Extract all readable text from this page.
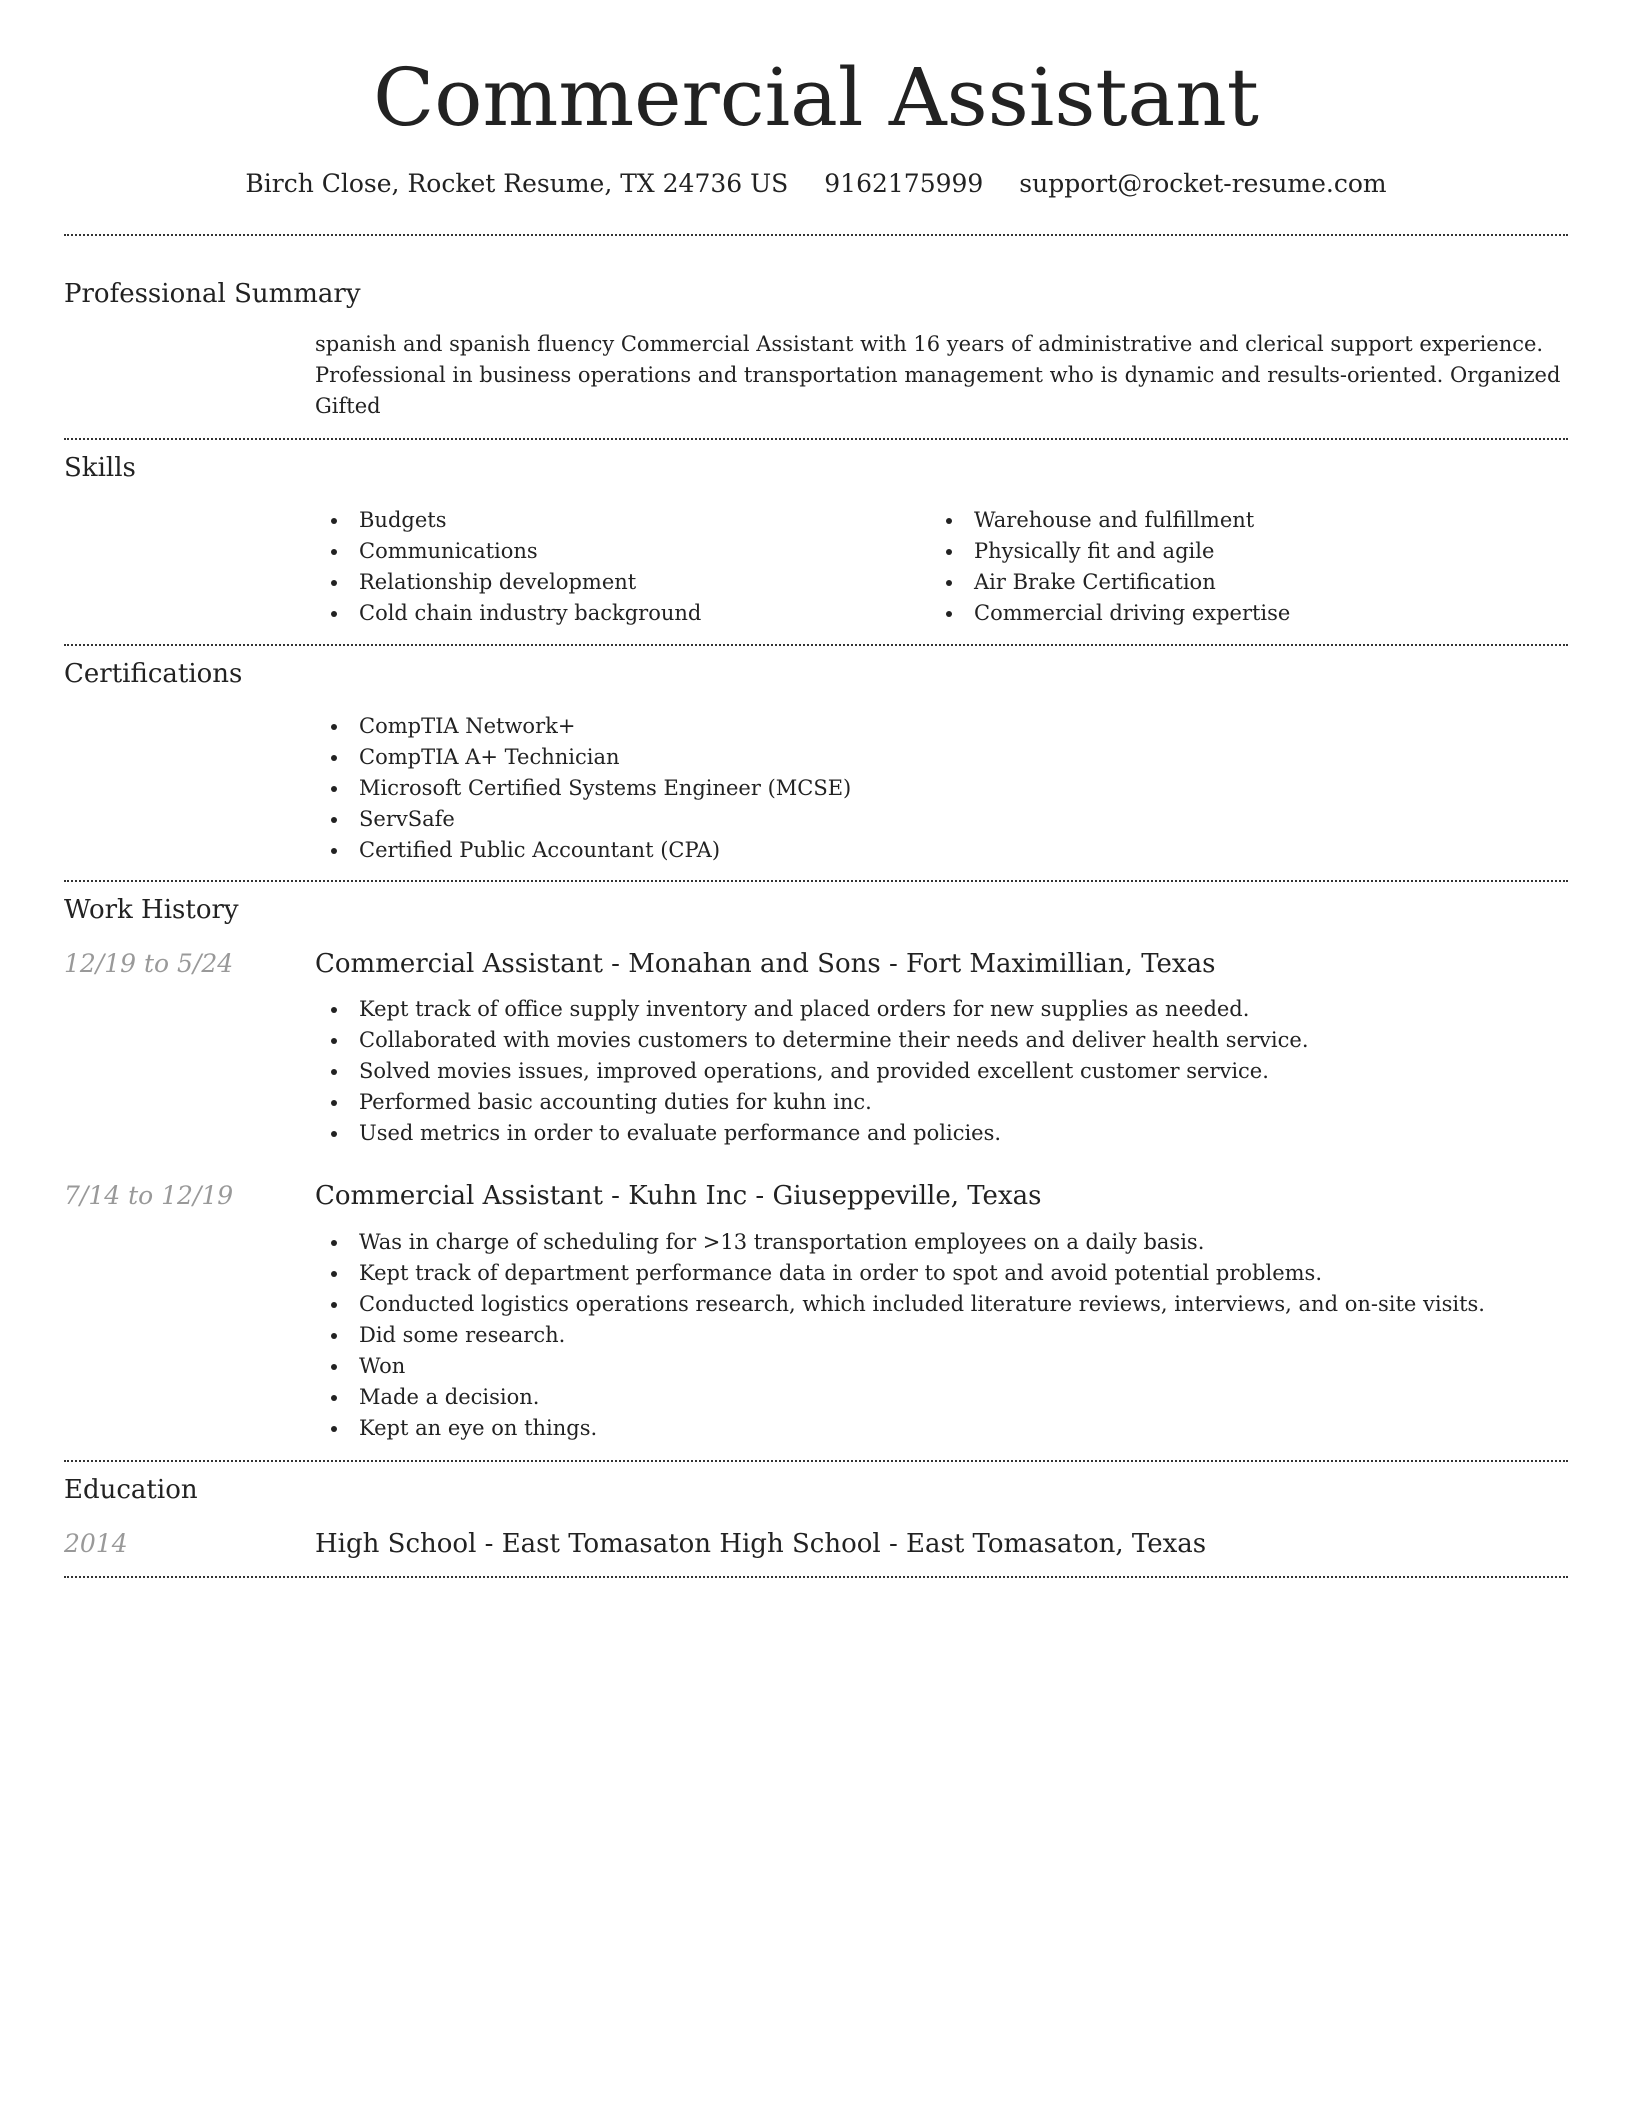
Commercial Assistant
Birch Close, Rocket Resume, TX 24736 US 9162175999 support@rocket-resume.com
Professional Summary
spanish and spanish fluency Commercial Assistant with 16 years of administrative and clerical support experience. Professional in business operations and transportation management who is dynamic and results-oriented. Organized Gifted
Skills
Budgets
Communications
Relationship development
Cold chain industry background
Warehouse and fulfillment
Physically fit and agile
Air Brake Certification
Commercial driving expertise
Certifications
CompTIA Network+
CompTIA A+ Technician
Microsoft Certified Systems Engineer (MCSE)
ServSafe
Certified Public Accountant (CPA)
Work History
12/19 to 5/24	Commercial Assistant - Monahan and Sons - Fort Maximillian, Texas
Kept track of office supply inventory and placed orders for new supplies as needed.
Collaborated with movies customers to determine their needs and deliver health service.
Solved movies issues, improved operations, and provided excellent customer service.
Performed basic accounting duties for kuhn inc.
Used metrics in order to evaluate performance and policies.
7/14 to 12/19	Commercial Assistant - Kuhn Inc - Giuseppeville, Texas
Was in charge of scheduling for >13 transportation employees on a daily basis.
Kept track of department performance data in order to spot and avoid potential problems.
Conducted logistics operations research, which included literature reviews, interviews, and on-site visits.
Did some research.
Won
Made a decision.
Kept an eye on things.
Education
2014	High School - East Tomasaton High School - East Tomasaton, Texas
